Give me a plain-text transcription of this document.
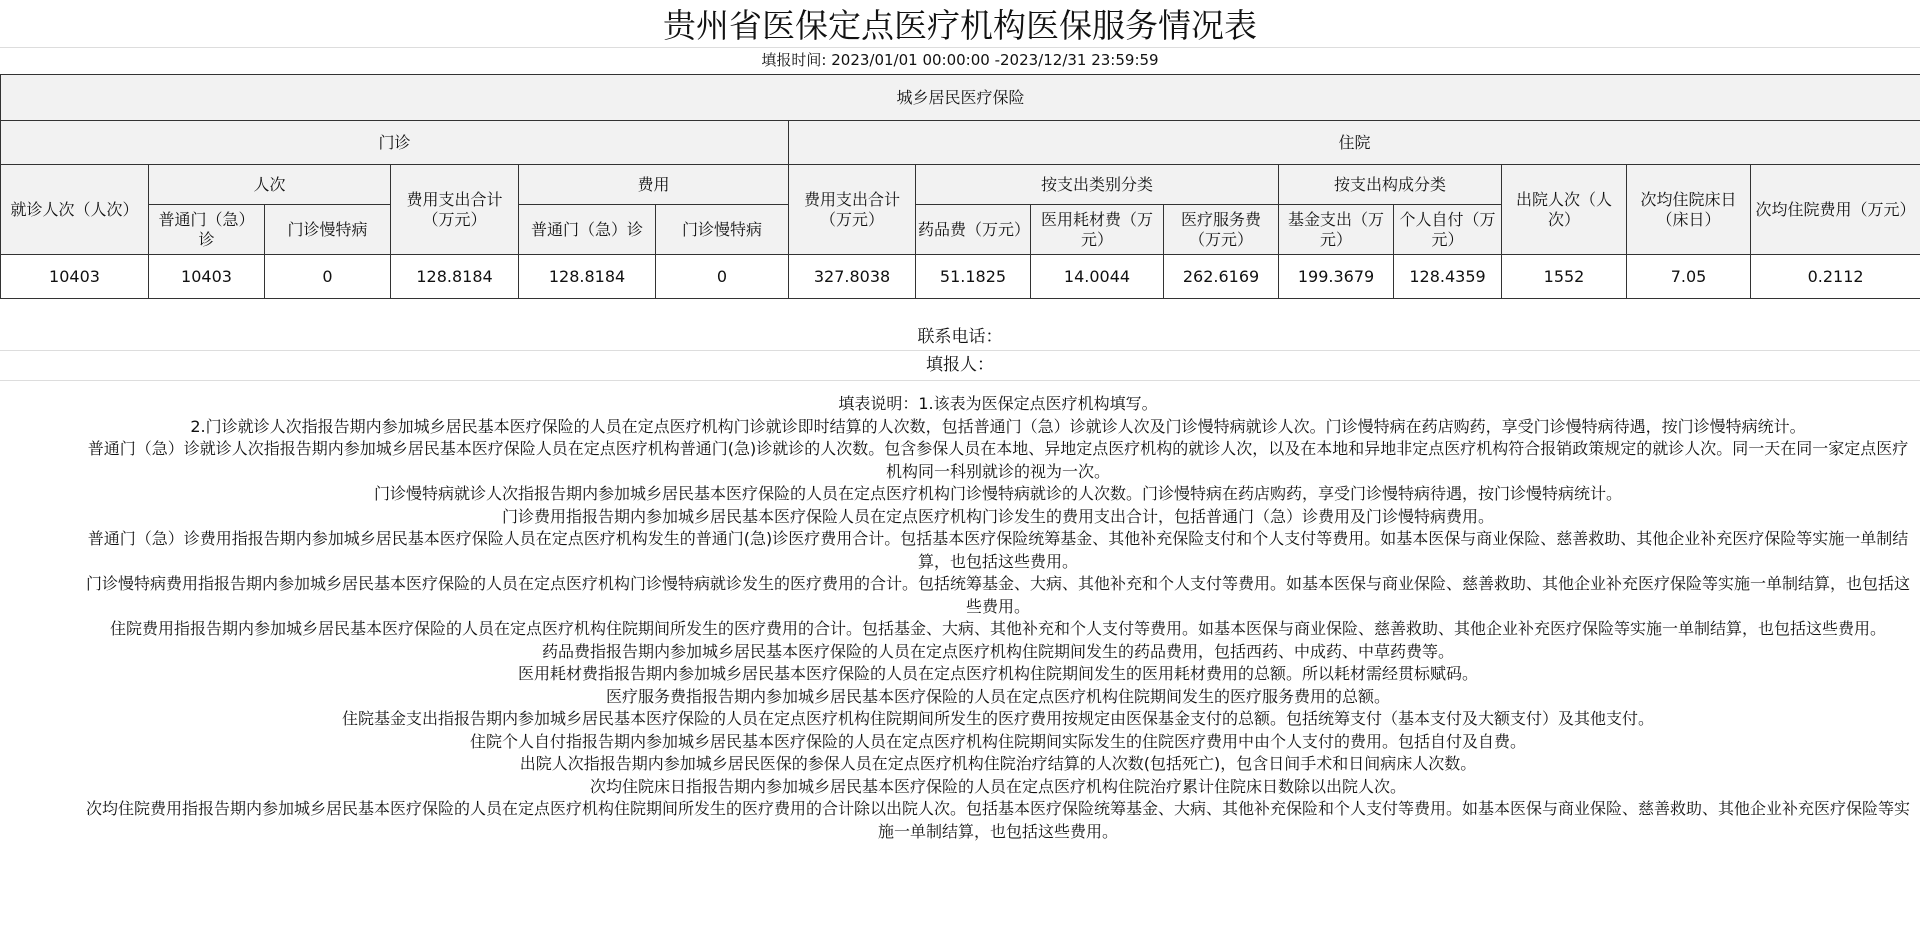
贵州省医保定点医疗机构医保服务情况表
填报时间: 2023/01/01 00:00:00 -2023/12/31 23:59:59
城乡居民医疗保险														
门诊						住院								
就诊人次（人次）	人次		费用支出合计（万元）	费用		费用支出合计（万元）	按支出类别分类			按支出构成分类		出院人次（人次）	次均住院床日（床日）	次均住院费用（万元）
	普通门（急）诊	门诊慢特病		普通门（急）诊	门诊慢特病		药品费（万元）	医用耗材费（万元）	医疗服务费（万元）	基金支出（万元）	个人自付（万元）			
10403	10403	0	128.8184	128.8184	0	327.8038	51.1825	14.0044	262.6169	199.3679	128.4359	1552	7.05	0.2112
联系电话：
填报人：

填表说明：1.该表为医保定点医疗机构填写。

2.门诊就诊人次指报告期内参加城乡居民基本医疗保险的人员在定点医疗机构门诊就诊即时结算的人次数，包括普通门（急）诊就诊人次及门诊慢特病就诊人次。门诊慢特病在药店购药，享受门诊慢特病待遇，按门诊慢特病统计。

普通门（急）诊就诊人次指报告期内参加城乡居民基本医疗保险人员在定点医疗机构普通门(急)诊就诊的人次数。包含参保人员在本地、异地定点医疗机构的就诊人次，以及在本地和异地非定点医疗机构符合报销政策规定的就诊人次。同一天在同一家定点医疗机构同一科别就诊的视为一次。

门诊慢特病就诊人次指报告期内参加城乡居民基本医疗保险的人员在定点医疗机构门诊慢特病就诊的人次数。门诊慢特病在药店购药，享受门诊慢特病待遇，按门诊慢特病统计。

门诊费用指报告期内参加城乡居民基本医疗保险人员在定点医疗机构门诊发生的费用支出合计，包括普通门（急）诊费用及门诊慢特病费用。

普通门（急）诊费用指报告期内参加城乡居民基本医疗保险人员在定点医疗机构发生的普通门(急)诊医疗费用合计。包括基本医疗保险统筹基金、其他补充保险支付和个人支付等费用。如基本医保与商业保险、慈善救助、其他企业补充医疗保险等实施一单制结算，也包括这些费用。

门诊慢特病费用指报告期内参加城乡居民基本医疗保险的人员在定点医疗机构门诊慢特病就诊发生的医疗费用的合计。包括统筹基金、大病、其他补充和个人支付等费用。如基本医保与商业保险、慈善救助、其他企业补充医疗保险等实施一单制结算，也包括这些费用。

住院费用指报告期内参加城乡居民基本医疗保险的人员在定点医疗机构住院期间所发生的医疗费用的合计。包括基金、大病、其他补充和个人支付等费用。如基本医保与商业保险、慈善救助、其他企业补充医疗保险等实施一单制结算，也包括这些费用。

药品费指报告期内参加城乡居民基本医疗保险的人员在定点医疗机构住院期间发生的药品费用，包括西药、中成药、中草药费等。

医用耗材费指报告期内参加城乡居民基本医疗保险的人员在定点医疗机构住院期间发生的医用耗材费用的总额。所以耗材需经贯标赋码。

医疗服务费指报告期内参加城乡居民基本医疗保险的人员在定点医疗机构住院期间发生的医疗服务费用的总额。

住院基金支出指报告期内参加城乡居民基本医疗保险的人员在定点医疗机构住院期间所发生的医疗费用按规定由医保基金支付的总额。包括统筹支付（基本支付及大额支付）及其他支付。

住院个人自付指报告期内参加城乡居民基本医疗保险的人员在定点医疗机构住院期间实际发生的住院医疗费用中由个人支付的费用。包括自付及自费。

出院人次指报告期内参加城乡居民医保的参保人员在定点医疗机构住院治疗结算的人次数(包括死亡)，包含日间手术和日间病床人次数。

次均住院床日指报告期内参加城乡居民基本医疗保险的人员在定点医疗机构住院治疗累计住院床日数除以出院人次。

次均住院费用指报告期内参加城乡居民基本医疗保险的人员在定点医疗机构住院期间所发生的医疗费用的合计除以出院人次。包括基本医疗保险统筹基金、大病、其他补充保险和个人支付等费用。如基本医保与商业保险、慈善救助、其他企业补充医疗保险等实施一单制结算，也包括这些费用。
